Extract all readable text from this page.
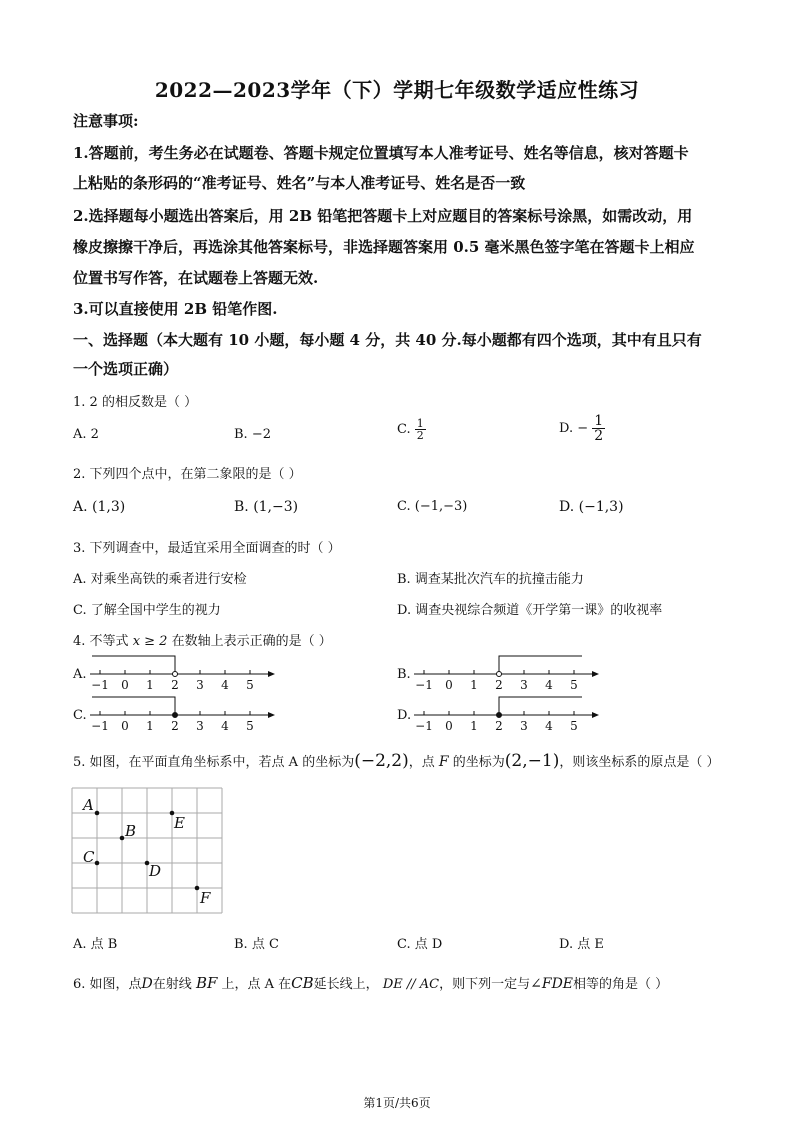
2022—2023学年（下）学期七年级数学适应性练习
注意事项:
1.答题前，考生务必在试题卷、答题卡规定位置填写本人准考证号、姓名等信息，核对答题卡
上粘贴的条形码的“准考证号、姓名”与本人准考证号、姓名是否一致
2.选择题每小题选出答案后，用 2B 铅笔把答题卡上对应题目的答案标号涂黑，如需改动，用
橡皮擦擦干净后，再选涂其他答案标号，非选择题答案用 0.5 毫米黑色签字笔在答题卡上相应
位置书写作答，在试题卷上答题无效.
3.可以直接使用 2B 铅笔作图.
一、选择题（本大题有 10 小题，每小题 4 分，共 40 分.每小题都有四个选项，其中有且只有
一个选项正确）
1. 2 的相反数是（ ）
A. 2	B. −2	C. $\frac{1}{2}$	D. − $\frac{1}{2}$
2. 下列四个点中，在第二象限的是（ ）
A. (1,3)	B. (1,−3)	C. (−1,−3)	D. (−1,3)
3. 下列调查中，最适宜采用全面调查的时（ ）
A. 对乘坐高铁的乘者进行安检	B. 调查某批次汽车的抗撞击能力
C. 了解全国中学生的视力	D. 调查央视综合频道《开学第一课》的收视率
4. 不等式 x ≥ 2 在数轴上表示正确的是（ ）
A.	B.
C.	D.
−1 0 1 2 3 4 5	−1 0 1 2 3 4 5
−1 0 1 2 3 4 5	−1 0 1 2 3 4 5
5. 如图，在平面直角坐标系中，若点 A 的坐标为(−2,2)，点 F 的坐标为(2,−1)，则该坐标系的原点是（ ）
A
B
C
D
E
F
A. 点 B	B. 点 C	C. 点 D	D. 点 E
6. 如图，点D在射线 BF 上，点 A 在CB延长线上， DE // AC，则下列一定与∠FDE相等的角是（ ）
第1页/共6页
